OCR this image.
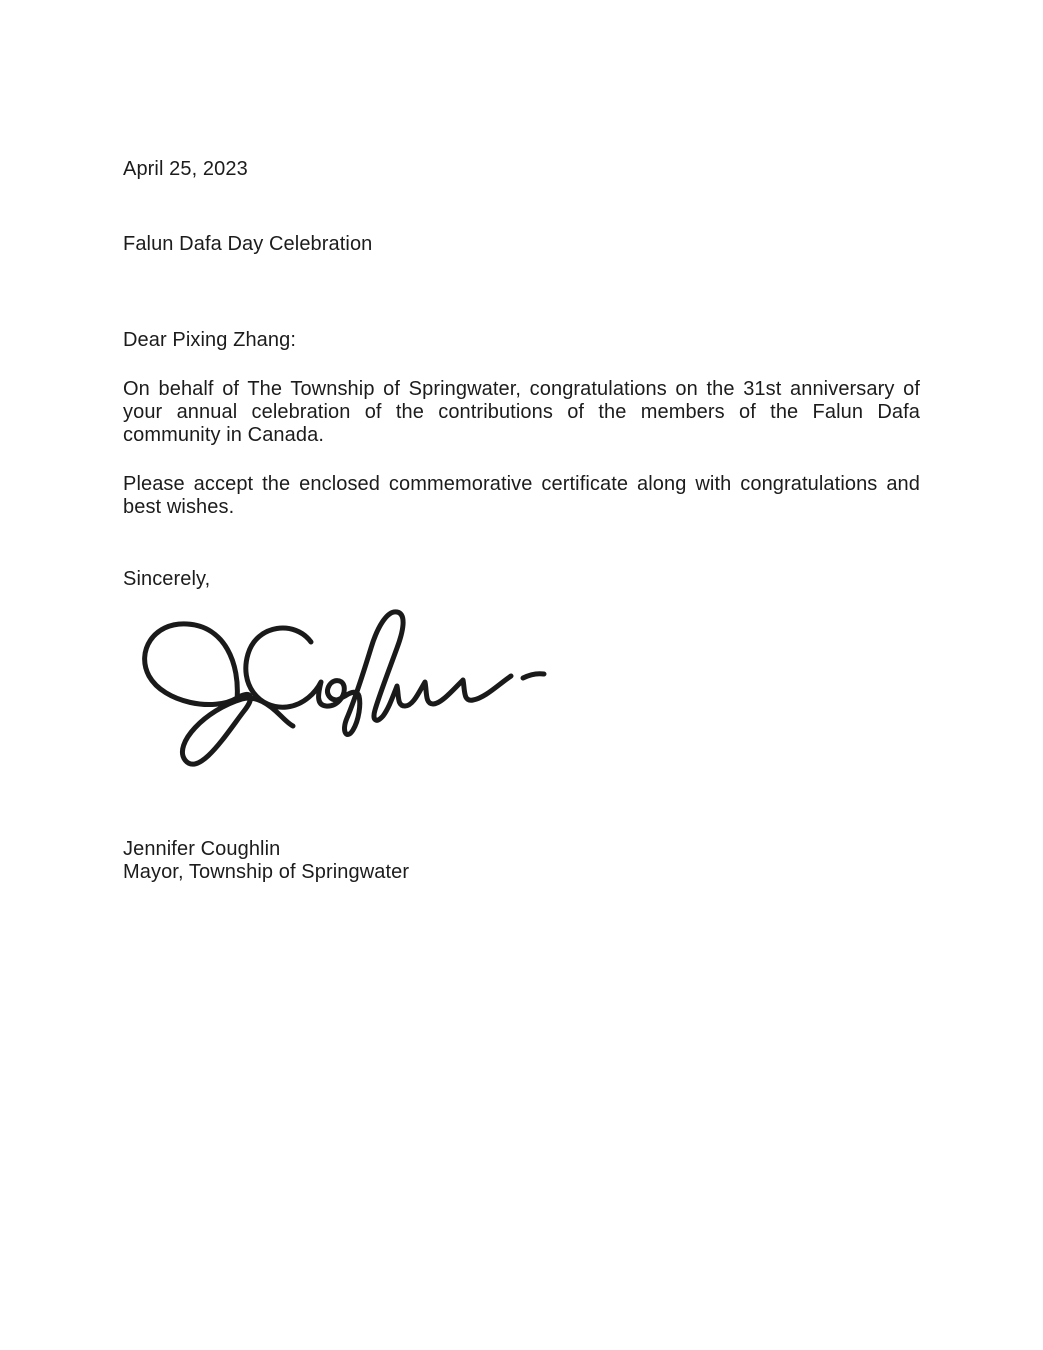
April 25, 2023
Falun Dafa Day Celebration
Dear Pixing Zhang:
On behalf of The Township of Springwater, congratulations on the 31st anniversary of
your annual celebration of the contributions of the members of the Falun Dafa
community in Canada.
Please accept the enclosed commemorative certificate along with congratulations and
best wishes.
Sincerely,
Jennifer Coughlin
Mayor, Township of Springwater
